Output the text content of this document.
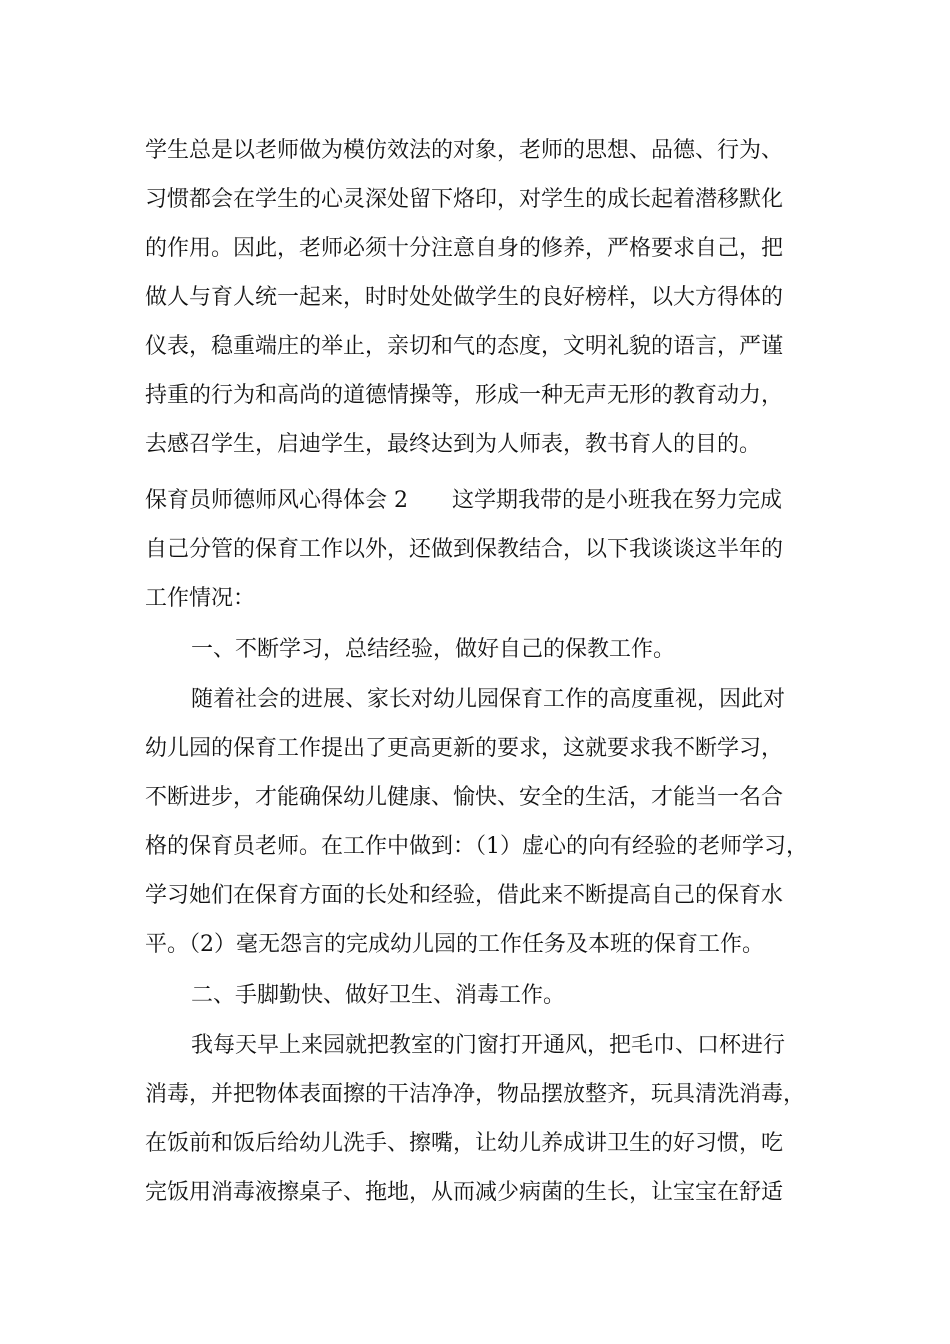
学生总是以老师做为模仿效法的对象，老师的思想、品德、行为、
习惯都会在学生的心灵深处留下烙印，对学生的成长起着潜移默化
的作用。因此，老师必须十分注意自身的修养，严格要求自己，把
做人与育人统一起来，时时处处做学生的良好榜样，以大方得体的
仪表，稳重端庄的举止，亲切和气的态度，文明礼貌的语言，严谨
持重的行为和高尚的道德情操等，形成一种无声无形的教育动力，
去感召学生，启迪学生，最终达到为人师表，教书育人的目的。
保育员师德师风心得体会 2　　这学期我带的是小班我在努力完成
自己分管的保育工作以外，还做到保教结合，以下我谈谈这半年的
工作情况：
一、不断学习，总结经验，做好自己的保教工作。
随着社会的进展、家长对幼儿园保育工作的高度重视，因此对
幼儿园的保育工作提出了更高更新的要求，这就要求我不断学习，
不断进步，才能确保幼儿健康、愉快、安全的生活，才能当一名合
格的保育员老师。在工作中做到：（1）虚心的向有经验的老师学习，
学习她们在保育方面的长处和经验，借此来不断提高自己的保育水
平。（2）毫无怨言的完成幼儿园的工作任务及本班的保育工作。
二、手脚勤快、做好卫生、消毒工作。
我每天早上来园就把教室的门窗打开通风，把毛巾、口杯进行
消毒，并把物体表面擦的干洁净净，物品摆放整齐，玩具清洗消毒，
在饭前和饭后给幼儿洗手、擦嘴，让幼儿养成讲卫生的好习惯，吃
完饭用消毒液擦桌子、拖地，从而减少病菌的生长，让宝宝在舒适
